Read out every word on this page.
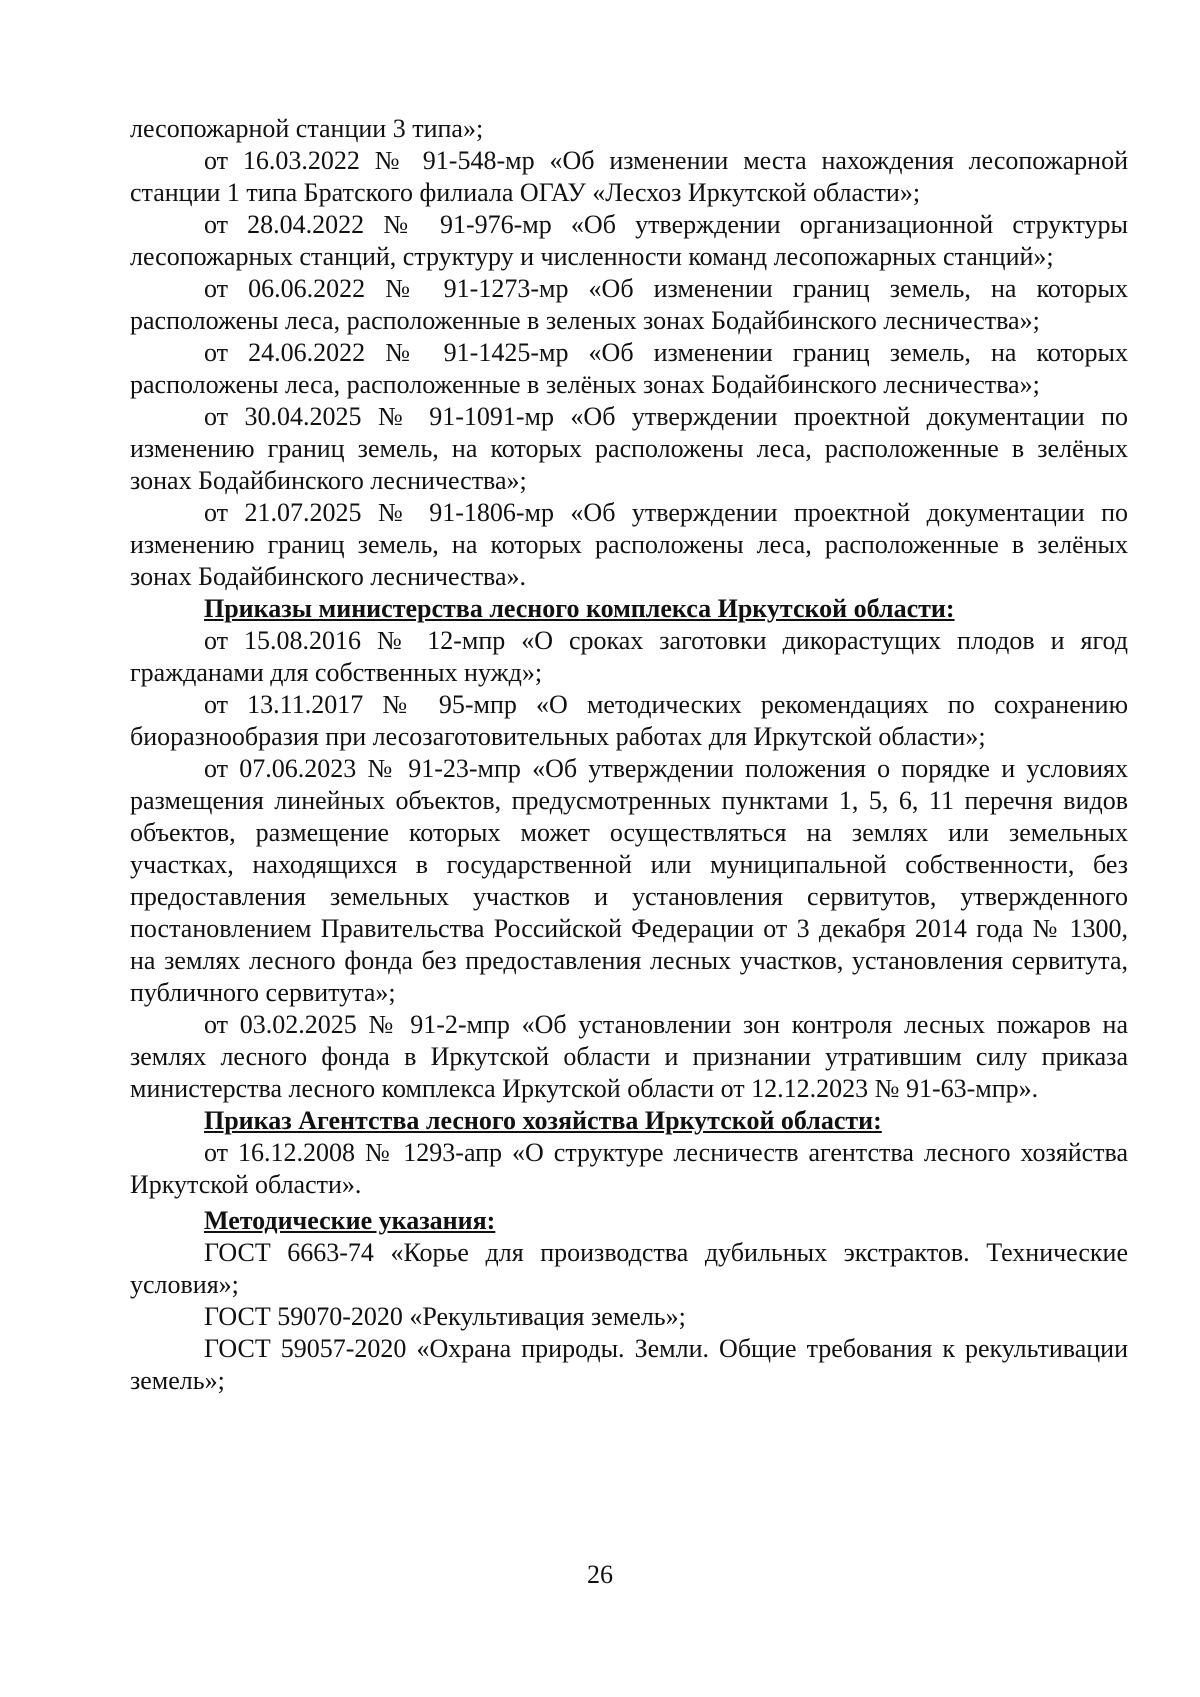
лесопожарной станции 3 типа»;

от 16.03.2022 № 91-548-мр «Об изменении места нахождения лесопожарной станции 1 типа Братского филиала ОГАУ «Лесхоз Иркутской области»;

от 28.04.2022 № 91-976-мр «Об утверждении организационной структуры лесопожарных станций, структуру и численности команд лесопожарных станций»;

от 06.06.2022 № 91-1273-мр «Об изменении границ земель, на которых расположены леса, расположенные в зеленых зонах Бодайбинского лесничества»;

от 24.06.2022 № 91-1425-мр «Об изменении границ земель, на которых расположены леса, расположенные в зелёных зонах Бодайбинского лесничества»;

от 30.04.2025 № 91-1091-мр «Об утверждении проектной документации по изменению границ земель, на которых расположены леса, расположенные в зелёных зонах Бодайбинского лесничества»;

от 21.07.2025 № 91-1806-мр «Об утверждении проектной документации по изменению границ земель, на которых расположены леса, расположенные в зелёных зонах Бодайбинского лесничества».

Приказы министерства лесного комплекса Иркутской области:

от 15.08.2016 № 12-мпр «О сроках заготовки дикорастущих плодов и ягод гражданами для собственных нужд»;

от 13.11.2017 № 95-мпр «О методических рекомендациях по сохранению биоразнообразия при лесозаготовительных работах для Иркутской области»;

от 07.06.2023 № 91-23-мпр «Об утверждении положения о порядке и условиях размещения линейных объектов, предусмотренных пунктами 1, 5, 6, 11 перечня видов объектов, размещение которых может осуществляться на землях или земельных участках, находящихся в государственной или муниципальной собственности, без предоставления земельных участков и установления сервитутов, утвержденного постановлением Правительства Российской Федерации от 3 декабря 2014 года № 1300, на землях лесного фонда без предоставления лесных участков, установления сервитута, публичного сервитута»;

от 03.02.2025 № 91-2-мпр «Об установлении зон контроля лесных пожаров на землях лесного фонда в Иркутской области и признании утратившим силу приказа министерства лесного комплекса Иркутской области от 12.12.2023 № 91-63-мпр».

Приказ Агентства лесного хозяйства Иркутской области:

от 16.12.2008 № 1293-апр «О структуре лесничеств агентства лесного хозяйства Иркутской области».

Методические указания:

ГОСТ 6663-74 «Корье для производства дубильных экстрактов. Технические условия»;

ГОСТ 59070-2020 «Рекультивация земель»;

ГОСТ 59057-2020 «Охрана природы. Земли. Общие требования к рекультивации земель»;

26
